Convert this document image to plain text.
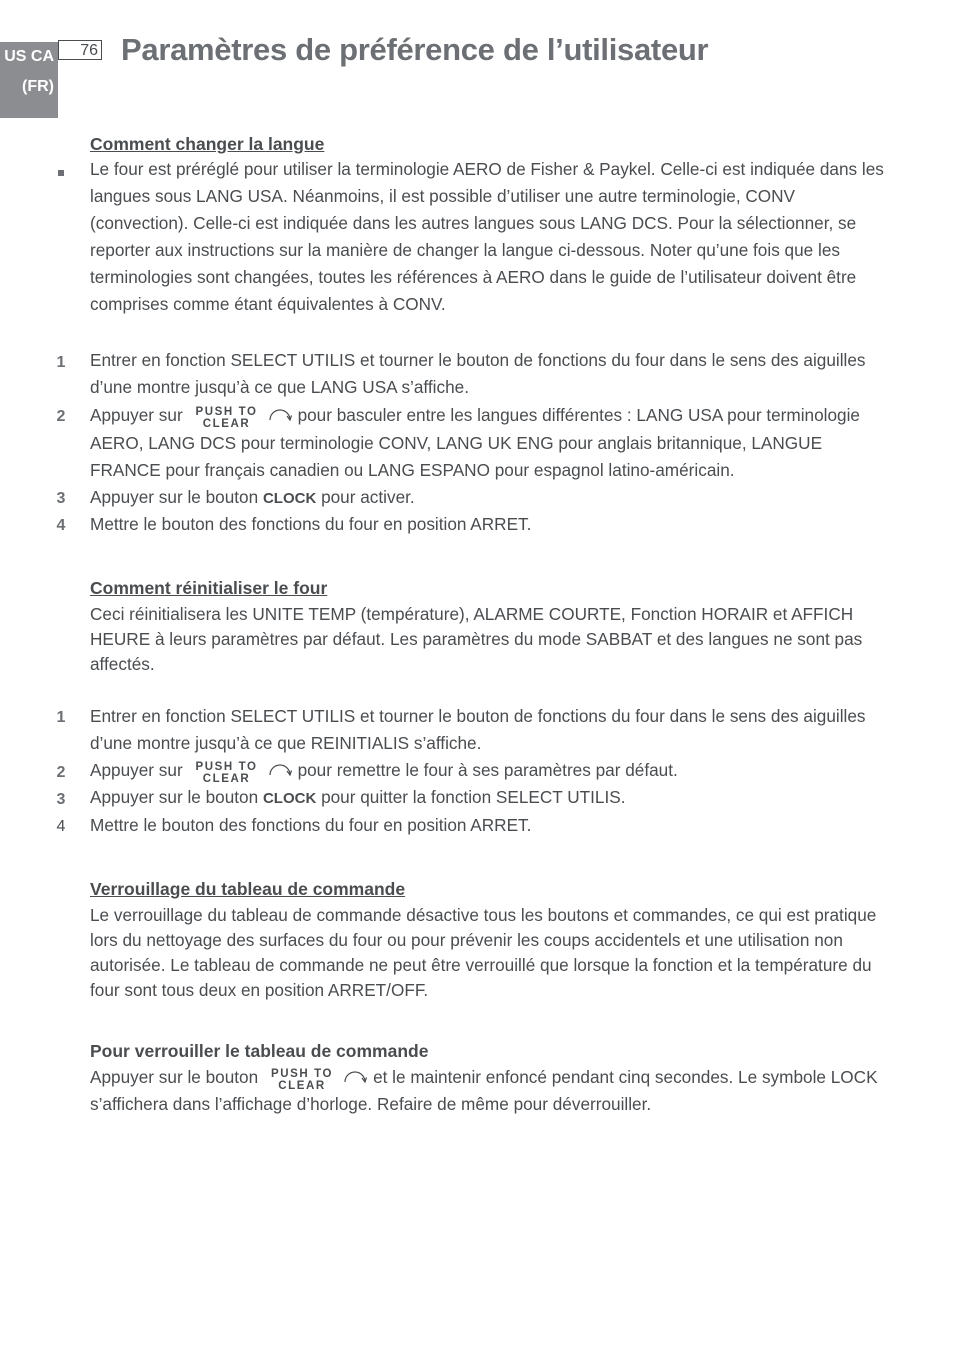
US CA
(FR)
76 Paramètres de préférence de l’utilisateur
Comment changer la langue
Le four est préréglé pour utiliser la terminologie AERO de Fisher & Paykel. Celle-ci est indiquée dans les langues sous LANG USA. Néanmoins, il est possible d’utiliser une autre terminologie, CONV (convection). Celle-ci est indiquée dans les autres langues sous LANG DCS. Pour la sélectionner, se reporter aux instructions sur la manière de changer la langue ci-dessous. Noter qu’une fois que les terminologies sont changées, toutes les références à AERO dans le guide de l’utilisateur doivent être comprises comme étant équivalentes à CONV.
1 Entrer en fonction SELECT UTILIS et tourner le bouton de fonctions du four dans le sens des aiguilles d’une montre jusqu’à ce que LANG USA s’affiche.
2 Appuyer sur PUSH TO
CLEAR	pour basculer entre les langues différentes : LANG USA pour terminologie AERO, LANG DCS pour terminologie CONV, LANG UK ENG pour anglais britannique, LANGUE FRANCE pour français canadien ou LANG ESPANO pour espagnol latino-américain.
3 Appuyer sur le bouton CLOCK pour activer.
4 Mettre le bouton des fonctions du four en position ARRET.
Comment réinitialiser le four
Ceci réinitialisera les UNITE TEMP (température), ALARME COURTE, Fonction HORAIR et AFFICH HEURE à leurs paramètres par défaut. Les paramètres du mode SABBAT et des langues ne sont pas affectés.
1 Entrer en fonction SELECT UTILIS et tourner le bouton de fonctions du four dans le sens des aiguilles d’une montre jusqu’à ce que REINITIALIS s’affiche.
2 Appuyer sur PUSH TO
CLEAR	pour remettre le four à ses paramètres par défaut.
3 Appuyer sur le bouton CLOCK pour quitter la fonction SELECT UTILIS.
4 Mettre le bouton des fonctions du four en position ARRET.
Verrouillage du tableau de commande
Le verrouillage du tableau de commande désactive tous les boutons et commandes, ce qui est pratique lors du nettoyage des surfaces du four ou pour prévenir les coups accidentels et une utilisation non autorisée. Le tableau de commande ne peut être verrouillé que lorsque la fonction et la température du four sont tous deux en position ARRET/OFF.
Pour verrouiller le tableau de commande
Appuyer sur le bouton PUSH TO
CLEAR	et le maintenir enfoncé pendant cinq secondes. Le symbole LOCK s’affichera dans l’affichage d’horloge. Refaire de même pour déverrouiller.
